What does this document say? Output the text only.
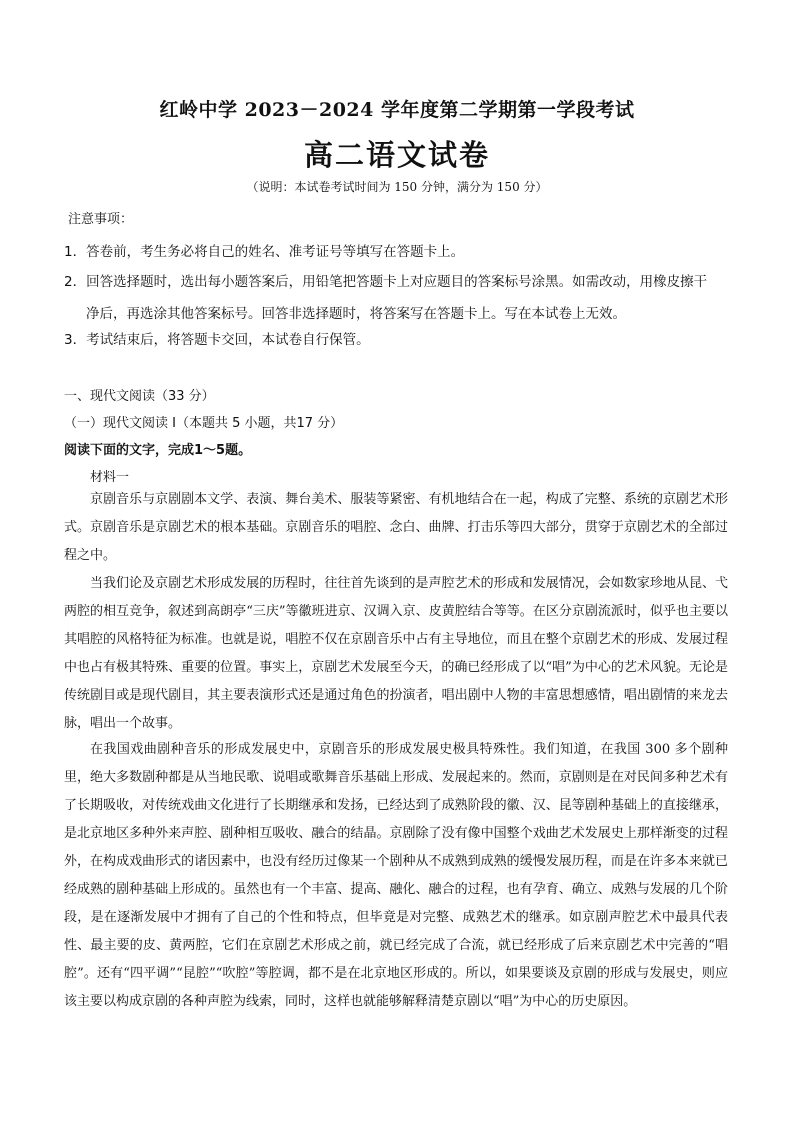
红岭中学 2023－2024 学年度第二学期第一学段考试
高二语文试卷
（说明：本试卷考试时间为 150 分钟，满分为 150 分）
注意事项：
1．答卷前，考生务必将自己的姓名、准考证号等填写在答题卡上。
2．回答选择题时，选出每小题答案后，用铅笔把答题卡上对应题目的答案标号涂黑。如需改动，用橡皮擦干
净后，再选涂其他答案标号。回答非选择题时，将答案写在答题卡上。写在本试卷上无效。
3．考试结束后，将答题卡交回，本试卷自行保管。
一、现代文阅读（33 分）
（一）现代文阅读 I（本题共 5 小题，共17 分）
阅读下面的文字，完成1～5题。
材料一
京剧音乐与京剧剧本文学、表演、舞台美术、服装等紧密、有机地结合在一起，构成了完整、系统的京剧艺术形式。京剧音乐是京剧艺术的根本基础。京剧音乐的唱腔、念白、曲牌、打击乐等四大部分，贯穿于京剧艺术的全部过程之中。
当我们论及京剧艺术形成发展的历程时，往往首先谈到的是声腔艺术的形成和发展情况，会如数家珍地从昆、弋两腔的相互竞争，叙述到高朗亭“三庆”等徽班进京、汉调入京、皮黄腔结合等等。在区分京剧流派时，似乎也主要以其唱腔的风格特征为标准。也就是说，唱腔不仅在京剧音乐中占有主导地位，而且在整个京剧艺术的形成、发展过程中也占有极其特殊、重要的位置。事实上，京剧艺术发展至今天，的确已经形成了以“唱”为中心的艺术风貌。无论是传统剧目或是现代剧目，其主要表演形式还是通过角色的扮演者，唱出剧中人物的丰富思想感情，唱出剧情的来龙去脉，唱出一个故事。
在我国戏曲剧种音乐的形成发展史中，京剧音乐的形成发展史极具特殊性。我们知道，在我国 300 多个剧种里，绝大多数剧种都是从当地民歌、说唱或歌舞音乐基础上形成、发展起来的。然而，京剧则是在对民间多种艺术有了长期吸收，对传统戏曲文化进行了长期继承和发扬，已经达到了成熟阶段的徽、汉、昆等剧种基础上的直接继承，是北京地区多种外来声腔、剧种相互吸收、融合的结晶。京剧除了没有像中国整个戏曲艺术发展史上那样渐变的过程外，在构成戏曲形式的诸因素中，也没有经历过像某一个剧种从不成熟到成熟的缓慢发展历程，而是在许多本来就已经成熟的剧种基础上形成的。虽然也有一个丰富、提高、融化、融合的过程，也有孕育、确立、成熟与发展的几个阶段，是在逐渐发展中才拥有了自己的个性和特点，但毕竟是对完整、成熟艺术的继承。如京剧声腔艺术中最具代表性、最主要的皮、黄两腔，它们在京剧艺术形成之前，就已经完成了合流，就已经形成了后来京剧艺术中完善的“唱腔”。还有“四平调”“昆腔”“吹腔”等腔调，都不是在北京地区形成的。所以，如果要谈及京剧的形成与发展史，则应该主要以构成京剧的各种声腔为线索，同时，这样也就能够解释清楚京剧以“唱”为中心的历史原因。
